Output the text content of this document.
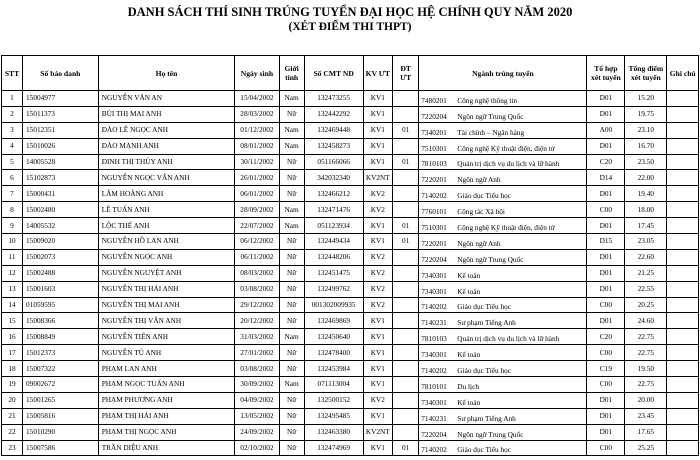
DANH SÁCH THÍ SINH TRÚNG TUYỂN ĐẠI HỌC HỆ CHÍNH QUY NĂM 2020
(XÉT ĐIỂM THI THPT)
STT	Số báo danh	Họ tên	Ngày sinh	Giới tính	Số CMT ND	KV ƯT	ĐT ƯT	Ngành trúng tuyển	Tổ hợp xét tuyển	Tổng điểm xét tuyển	Ghi chú
1	15004977	NGUYỄN VĂN AN	15/04/2002	Nam	132473255	KV1		7480201 Công nghệ thông tin	D01	15.20	
2	15011373	BÙI THỊ MAI ANH	28/03/2002	Nữ	132442292	KV1		7220204 Ngôn ngữ Trung Quốc	D01	19.75	
3	15012351	ĐÀO LÊ NGỌC ANH	01/12/2002	Nam	132469448	KV1	01	7340201 Tài chính – Ngân hàng	A00	23.10	
4	15010026	ĐÀO MẠNH ANH	08/01/2002	Nam	132458273	KV1		7510301 Công nghệ Kỹ thuật điện, điện tử	D01	16.70	
5	14005528	ĐINH THỊ THÙY ANH	30/11/2002	Nữ	051166066	KV1	01	7810103 Quản trị dịch vụ du lịch và lữ hành	C20	23.50	
6	15102873	NGUYỄN NGỌC VÂN ANH	26/01/2002	Nữ	342032340	KV2NT		7220201 Ngôn ngữ Anh	D14	22.00	
7	15000431	LÂM HOÀNG ANH	06/01/2002	Nữ	132466212	KV2		7140202 Giáo dục Tiểu học	D01	19.40	
8	15002480	LÊ TUẤN ANH	28/09/2002	Nam	132471476	KV2		7760101 Công tác Xã hội	C00	18.00	
9	14005532	LỘC THẾ ANH	22/07/2002	Nam	051123934	KV1	01	7510301 Công nghệ Kỹ thuật điện, điện tử	D01	17.45	
10	15009020	NGUYỄN HỒ LAN ANH	06/12/2002	Nữ	132449434	KV1	01	7220201 Ngôn ngữ Anh	D15	23.05	
11	15002073	NGUYỄN NGỌC ANH	06/11/2002	Nữ	132448206	KV2		7220204 Ngôn ngữ Trung Quốc	D01	22.60	
12	15002488	NGUYỄN NGUYỆT ANH	08/03/2002	Nữ	132451475	KV2		7340301 Kế toán	D01	21.25	
13	15001603	NGUYỄN THỊ HẢI ANH	03/08/2002	Nữ	132499762	KV2		7340301 Kế toán	D01	22.55	
14	01059595	NGUYỄN THỊ MAI ANH	29/12/2002	Nữ	001302009935	KV2		7140202 Giáo dục Tiểu học	C00	20.25	
15	15008366	NGUYỄN THỊ VÂN ANH	20/12/2002	Nữ	132469869	KV1		7140231 Sư phạm Tiếng Anh	D01	24.60	
16	15008849	NGUYỄN TIẾN ANH	31/03/2002	Nam	132450640	KV1		7810103 Quản trị dịch vụ du lịch và lữ hành	C20	22.75	
17	15012373	NGUYỄN TÚ ANH	27/01/2002	Nữ	132478400	KV1		7340301 Kế toán	C00	22.75	
18	15007322	PHẠM LAN ANH	03/08/2002	Nữ	132453984	KV1		7140202 Giáo dục Tiểu học	C19	19.50	
19	09002672	PHẠM NGỌC TUẤN ANH	30/09/2002	Nam	071113004	KV1		7810101 Du lịch	C00	22.75	
20	15001265	PHẠM PHƯƠNG ANH	04/09/2002	Nữ	132500152	KV2		7340301 Kế toán	D01	20.00	
21	15005816	PHẠM THỊ HẢI ANH	13/05/2002	Nữ	132495485	KV1		7140231 Sư phạm Tiếng Anh	D01	23.45	
22	15010290	PHẠM THỊ NGỌC ANH	24/09/2002	Nữ	132463380	KV2NT		7220204 Ngôn ngữ Trung Quốc	D01	17.65	
23	15007586	TRẦN DIỆU ANH	02/10/2002	Nữ	132474969	KV1	01	7140202 Giáo dục Tiểu học	C00	25.25	
